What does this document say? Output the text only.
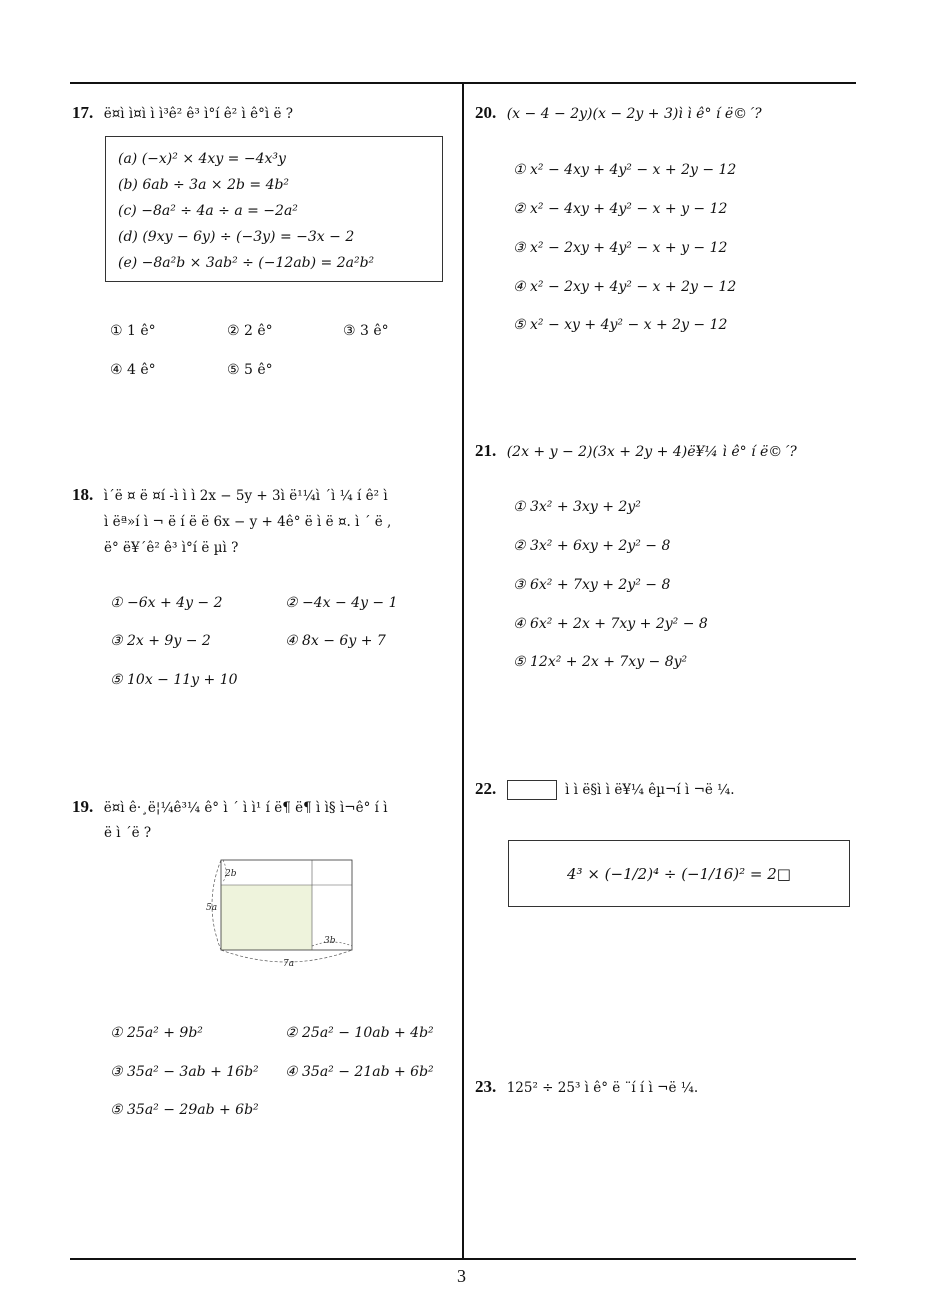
17. ë¤ì ì¤ì ì ì³ê² ê³ ì°í ê² ì ê°ì ë ?
(a) (−x)² × 4xy = −4x³y
(b) 6ab ÷ 3a × 2b = 4b²
(c) −8a² ÷ 4a ÷ a = −2a²
(d) (9xy − 6y) ÷ (−3y) = −3x − 2
(e) −8a²b × 3ab² ÷ (−12ab) = 2a²b²
① 1 ê°	② 2 ê°	③ 3 ê°
④ 4 ê°	⑤ 5 ê°
18. ì´ë ¤ ë ¤í -ì ì ì 2x − 5y + 3ì ë¹¼ì ´ì ¼ í ê² ì
ì ëª»í ì ¬ ë í ë ë 6x − y + 4ê° ë ì ë ¤. ì ´ ë ,
ë° ë¥´ê² ê³ ì°í ë µì ?
① −6x + 4y − 2	② −4x − 4y − 1
③ 2x + 9y − 2	④ 8x − 6y + 7
⑤ 10x − 11y + 10
19. ë¤ì ê·¸ë¦¼ê³¼ ê° ì ´ ì ì¹ í ë¶ ë¶ ì ì§ ì¬ê° í ì
ë ì ´ë ?
2b
5a
3b
7a
① 25a² + 9b²	② 25a² − 10ab + 4b²
③ 35a² − 3ab + 16b² ④ 35a² − 21ab + 6b²
⑤ 35a² − 29ab + 6b²
20. (x − 4 − 2y)(x − 2y + 3)ì ì ê° í ë©´?
① x² − 4xy + 4y² − x + 2y − 12
② x² − 4xy + 4y² − x + y − 12
③ x² − 2xy + 4y² − x + y − 12
④ x² − 2xy + 4y² − x + 2y − 12
⑤ x² − xy + 4y² − x + 2y − 12
21. (2x + y − 2)(3x + 2y + 4)ë¥¼ ì ê° í ë©´?
① 3x² + 3xy + 2y²
② 3x² + 6xy + 2y² − 8
③ 6x² + 7xy + 2y² − 8
④ 6x² + 2x + 7xy + 2y² − 8
⑤ 12x² + 2x + 7xy − 8y²
22.	ì ì ë§ì ì ë¥¼ êµ¬í ì ¬ë ¼.
4³ × (−1/2)⁴ ÷ (−1/16)² = 2□
23. 125² ÷ 25³ ì ê° ë ¨í í ì ¬ë ¼.
3
